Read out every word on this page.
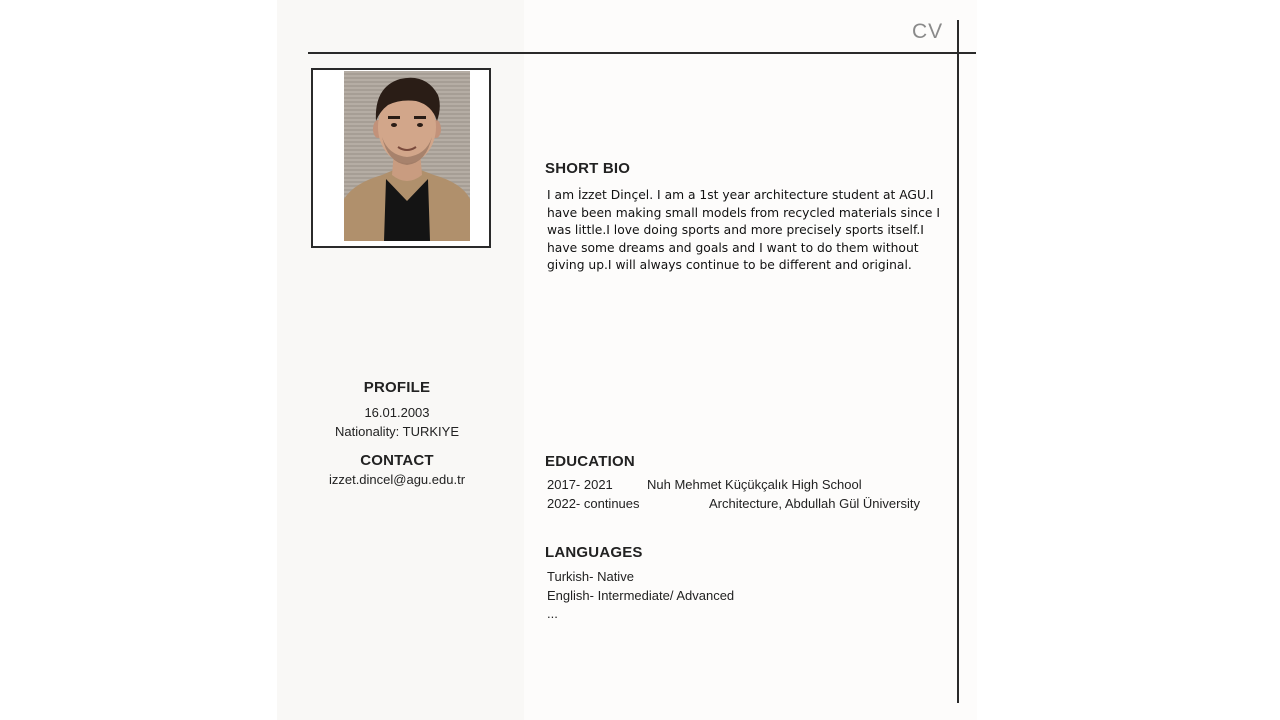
CV
SHORT BIO
I am İzzet Dinçel. I am a 1st year architecture student at AGU.I have been making small models from recycled materials since I was little.I love doing sports and more precisely sports itself.I have some dreams and goals and I want to do them without giving up.I will always continue to be different and original.
PROFILE
16.01.2003
Nationality: TURKIYE
CONTACT
izzet.dincel@agu.edu.tr
EDUCATION
2017- 2021	Nuh Mehmet Küçükçalık High School
2022- continues	Architecture, Abdullah Gül Üniversity
LANGUAGES
Turkish- Native
English- Intermediate/ Advanced
...
